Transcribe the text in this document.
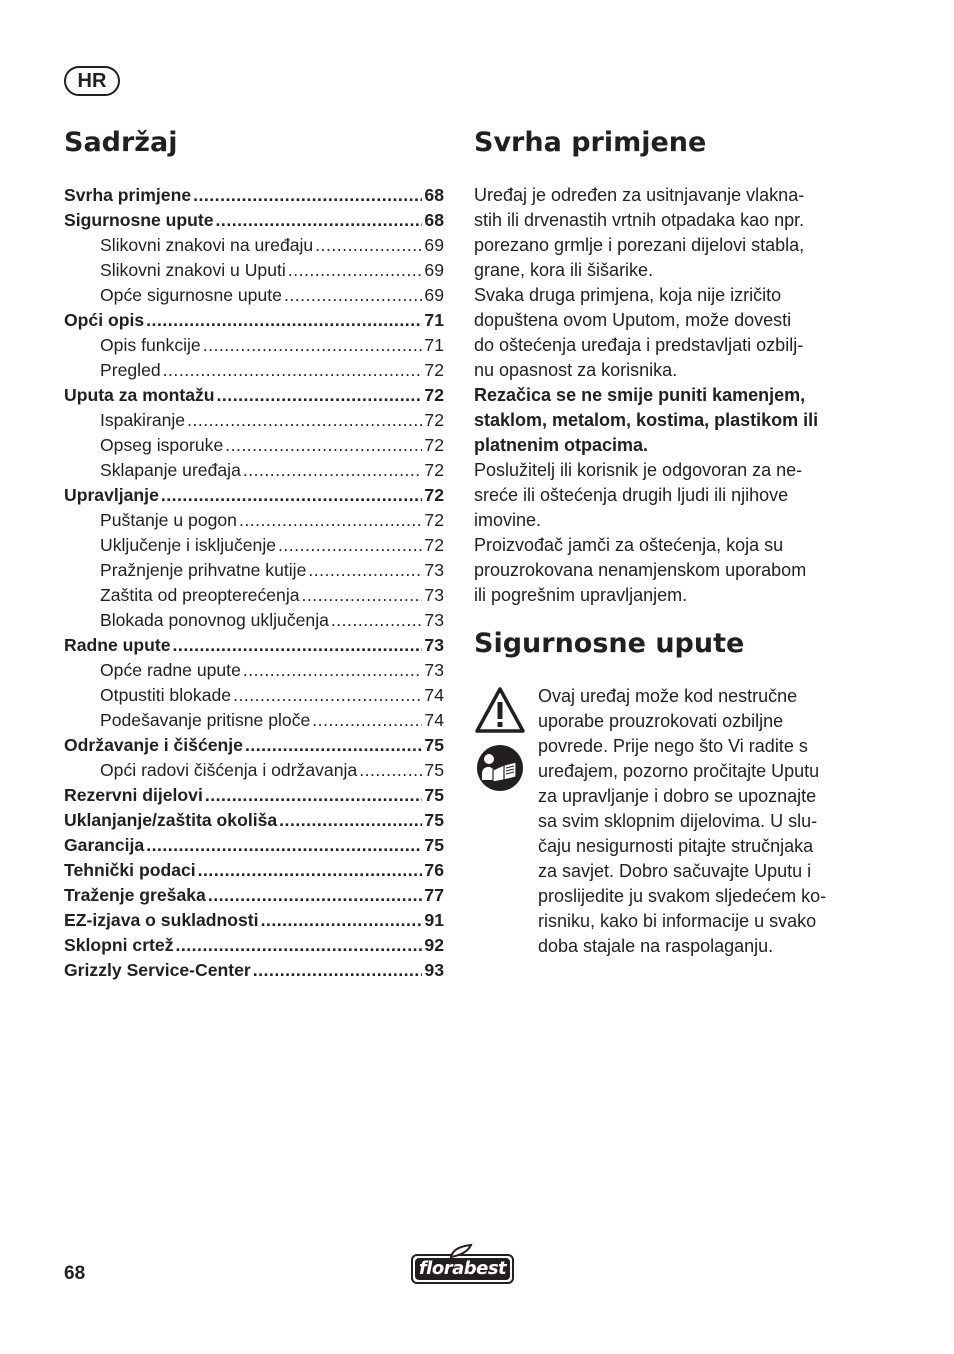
HR
Sadržaj
Svrha primjene .....	68
Sigurnosne upute .....	68
Slikovni znakovi na uređaju .....	69
Slikovni znakovi u Uputi .....	69
Opće sigurnosne upute .....	69
Opći opis .....	71
Opis funkcije .....	71
Pregled .....	72
Uputa za montažu .....	72
Ispakiranje .....	72
Opseg isporuke .....	72
Sklapanje uređaja .....	72
Upravljanje .....	72
Puštanje u pogon .....	72
Uključenje i isključenje .....	72
Pražnjenje prihvatne kutije .....	73
Zaštita od preopterećenja .....	73
Blokada ponovnog uključenja .....	73
Radne upute .....	73
Opće radne upute .....	73
Otpustiti blokade .....	74
Podešavanje pritisne ploče .....	74
Održavanje i čišćenje .....	75
Opći radovi čišćenja i održavanja .....	75
Rezervni dijelovi .....	75
Uklanjanje/zaštita okoliša .....	75
Garancija .....	75
Tehnički podaci .....	76
Traženje grešaka .....	77
EZ-izjava o sukladnosti .....	91
Sklopni crtež .....	92
Grizzly Service-Center .....	93
Svrha primjene
Uređaj je određen za usitnjavanje vlakna-
stih ili drvenastih vrtnih otpadaka kao npr.
porezano grmlje i porezani dijelovi stabla,
grane, kora ili šišarike.
Svaka druga primjena, koja nije izričito
dopuštena ovom Uputom, može dovesti
do oštećenja uređaja i predstavljati ozbilj-
nu opasnost za korisnika.
Rezačica se ne smije puniti kamenjem,
staklom, metalom, kostima, plastikom ili
platnenim otpacima.
Poslužitelj ili korisnik je odgovoran za ne-
sreće ili oštećenja drugih ljudi ili njihove
imovine.
Proizvođač jamči za oštećenja, koja su
prouzrokovana nenamjenskom uporabom
ili pogrešnim upravljanjem.
Sigurnosne upute
Ovaj uređaj može kod nestručne
uporabe prouzrokovati ozbiljne
povrede. Prije nego što Vi radite s
uređajem, pozorno pročitajte Uputu
za upravljanje i dobro se upoznajte
sa svim sklopnim dijelovima. U slu-
čaju nesigurnosti pitajte stručnjaka
za savjet. Dobro sačuvajte Uputu i
proslijedite ju svakom sljedećem ko-
risniku, kako bi informacije u svako
doba stajale na raspolaganju.
68	florabest
